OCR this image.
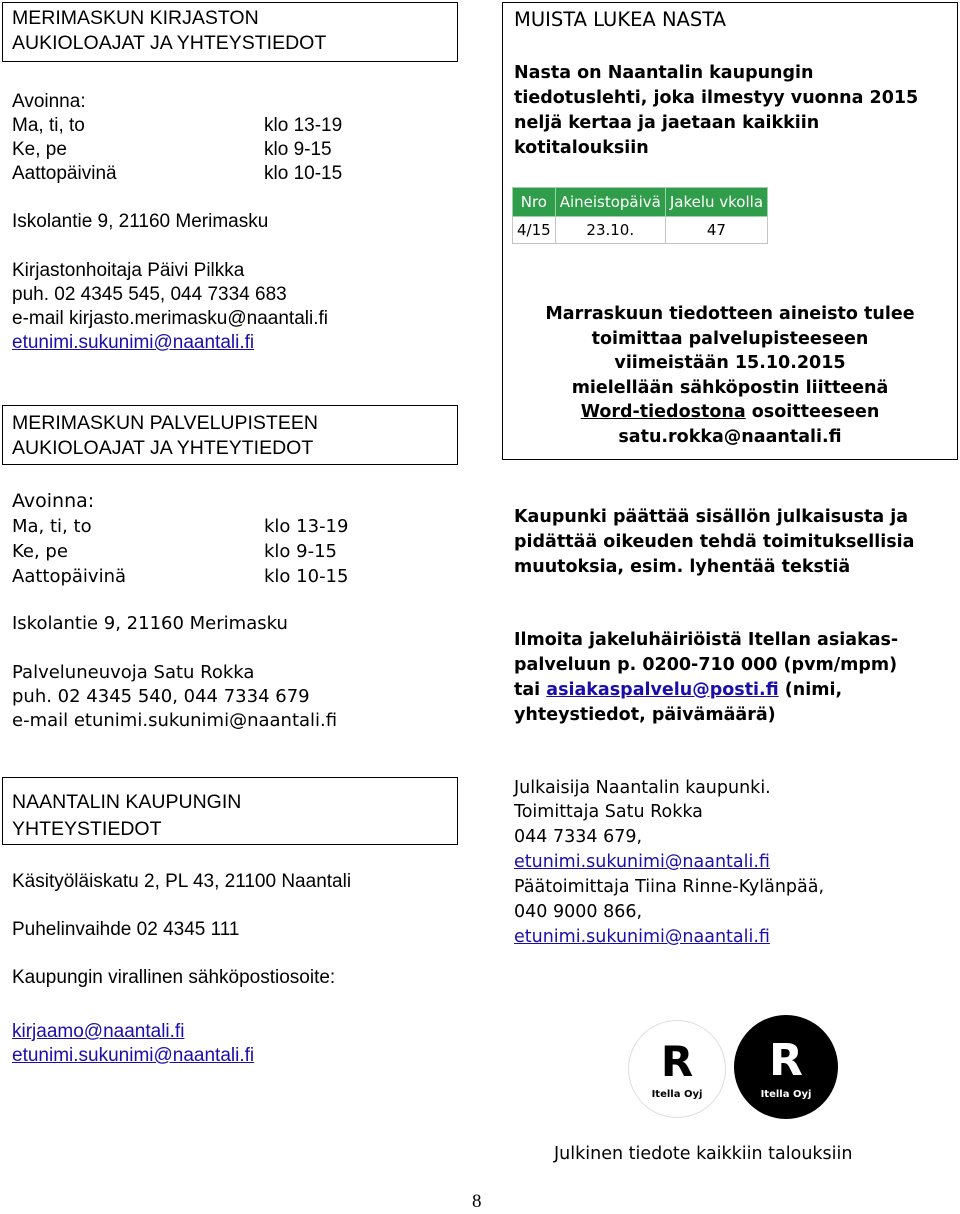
MERIMASKUN KIRJASTON
AUKIOLOAJAT JA YHTEYSTIEDOT
Avoinna:
Ma, ti, to	klo 13-19
Ke, pe	klo 9-15
Aattopäivinä	klo 10-15
Iskolantie 9, 21160 Merimasku
Kirjastonhoitaja Päivi Pilkka
puh. 02 4345 545, 044 7334 683
e-mail kirjasto.merimasku@naantali.fi
etunimi.sukunimi@naantali.fi
MERIMASKUN PALVELUPISTEEN
AUKIOLOAJAT JA YHTEYTIEDOT
Avoinna:
Ma, ti, to	klo 13-19
Ke, pe	klo 9-15
Aattopäivinä	klo 10-15
Iskolantie 9, 21160 Merimasku
Palveluneuvoja Satu Rokka
puh. 02 4345 540, 044 7334 679
e-mail etunimi.sukunimi@naantali.fi
NAANTALIN KAUPUNGIN
YHTEYSTIEDOT
Käsityöläiskatu 2, PL 43, 21100 Naantali
Puhelinvaihde 02 4345 111
Kaupungin virallinen sähköpostiosoite:
kirjaamo@naantali.fi
etunimi.sukunimi@naantali.fi
MUISTA LUKEA NASTA
Nasta on Naantalin kaupungin
tiedotuslehti, joka ilmestyy vuonna 2015
neljä kertaa ja jaetaan kaikkiin
kotitalouksiin
Nro	Aineistopäivä	Jakelu vkolla
4/15	23.10.	47
Marraskuun tiedotteen aineisto tulee
toimittaa palvelupisteeseen
viimeistään 15.10.2015
mielellään sähköpostin liitteenä
Word-tiedostona osoitteeseen
satu.rokka@naantali.fi
Kaupunki päättää sisällön julkaisusta ja
pidättää oikeuden tehdä toimituksellisia
muutoksia, esim. lyhentää tekstiä
Ilmoita jakeluhäiriöistä Itellan asiakas-
palveluun p. 0200-710 000 (pvm/mpm)
tai asiakaspalvelu@posti.fi (nimi,
yhteystiedot, päivämäärä)
Julkaisija Naantalin kaupunki.
Toimittaja Satu Rokka
044 7334 679,
etunimi.sukunimi@naantali.fi
Päätoimittaja Tiina Rinne-Kylänpää,
040 9000 866,
etunimi.sukunimi@naantali.fi
R
Itella Oyj
R
Itella Oyj
Julkinen tiedote kaikkiin talouksiin
8
